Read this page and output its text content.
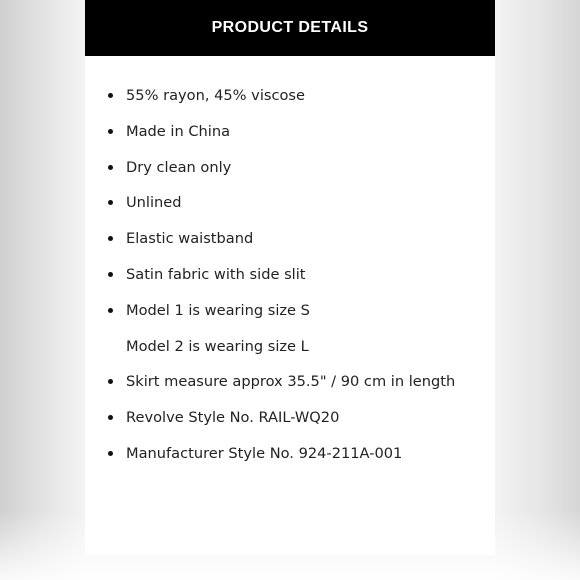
PRODUCT DETAILS
55% rayon, 45% viscose
Made in China
Dry clean only
Unlined
Elastic waistband
Satin fabric with side slit
Model 1 is wearing size S
Model 2 is wearing size L
Skirt measure approx 35.5" / 90 cm in length
Revolve Style No. RAIL-WQ20
Manufacturer Style No. 924-211A-001
